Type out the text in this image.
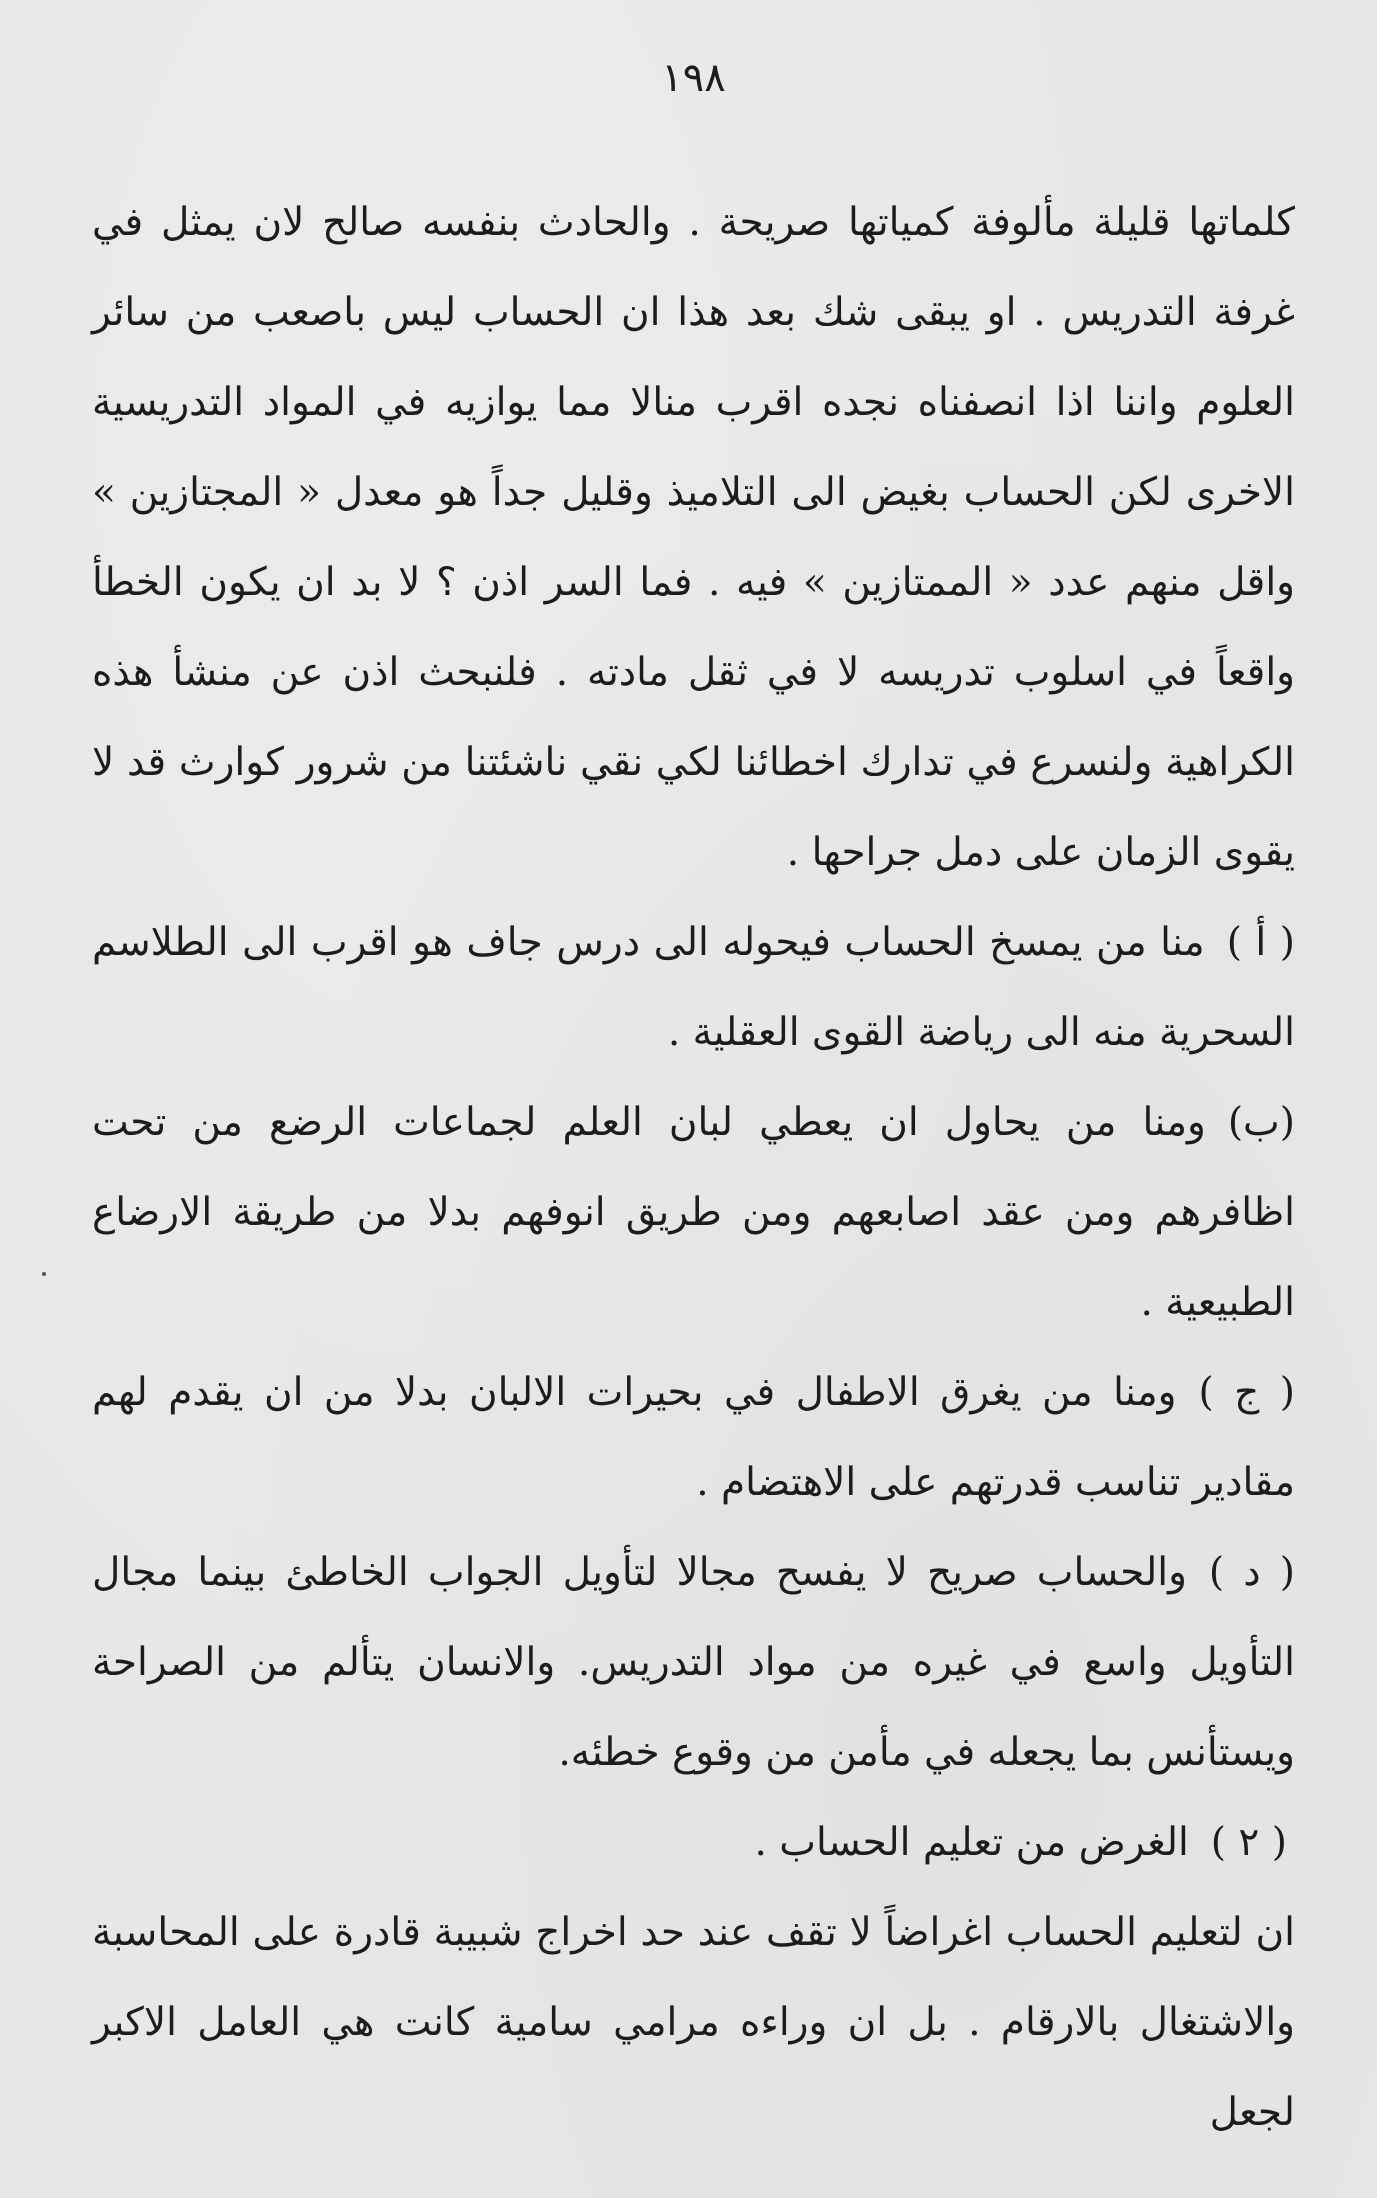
١٩٨

كلماتها قليلة مألوفة كمياتها صريحة . والحادث بنفسه صالح لان يمثل في غرفة التدريس . او يبقى شك بعد هذا ان الحساب ليس باصعب من سائر العلوم واننا اذا انصفناه نجده اقرب منالا مما يوازيه في المواد التدريسية الاخرى لكن الحساب بغيض الى التلاميذ وقليل جداً هو معدل « المجتازين » واقل منهم عدد « الممتازين » فيه . فما السر اذن ؟ لا بد ان يكون الخطأ واقعاً في اسلوب تدريسه لا في ثقل مادته . فلنبحث اذن عن منشأ هذه الكراهية ولنسرع في تدارك اخطائنا لكي نقي ناشئتنا من شرور كوارث قد لا يقوى الزمان على دمل جراحها .

( أ )منا من يمسخ الحساب فيحوله الى درس جاف هو اقرب الى الطلاسم السحرية منه الى رياضة القوى العقلية .

(ب)ومنا من يحاول ان يعطي لبان العلم لجماعات الرضع من تحت اظافرهم ومن عقد اصابعهم ومن طريق انوفهم بدلا من طريقة الارضاع الطبيعية .

( ج )ومنا من يغرق الاطفال في بحيرات الالبان بدلا من ان يقدم لهم مقادير تناسب قدرتهم على الاهتضام .

( د )والحساب صريح لا يفسح مجالا لتأويل الجواب الخاطئ بينما مجال التأويل واسع في غيره من مواد التدريس. والانسان يتألم من الصراحة ويستأنس بما يجعله في مأمن من وقوع خطئه.

( ٢ )الغرض من تعليم الحساب .

ان لتعليم الحساب اغراضاً لا تقف عند حد اخراج شبيبة قادرة على المحاسبة والاشتغال بالارقام . بل ان وراءه مرامي سامية كانت هي العامل الاكبر لجعل
